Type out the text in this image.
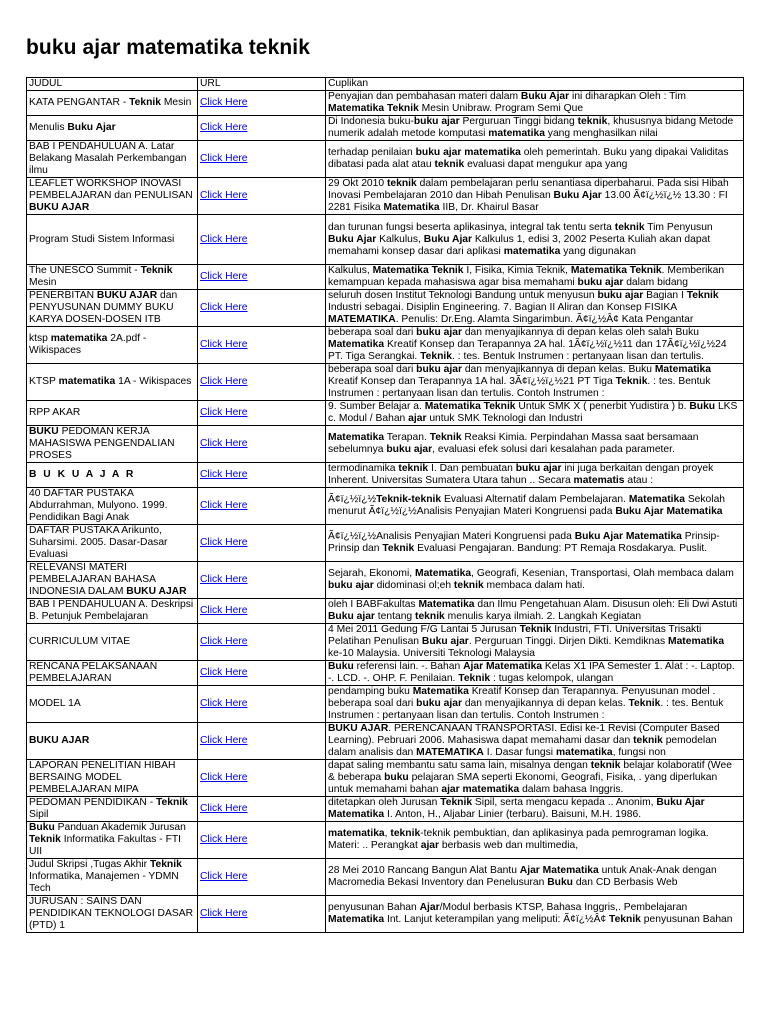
buku ajar matematika teknik
JUDUL	URL	Cuplikan
KATA PENGANTAR - Teknik Mesin	Click Here	Penyajian dan pembahasan materi dalam Buku Ajar ini diharapkan Oleh : Tim Matematika Teknik Mesin Unibraw. Program Semi Que
Menulis Buku Ajar	Click Here	Di Indonesia buku-buku ajar Perguruan Tinggi bidang teknik, khususnya bidang Metode numerik adalah metode komputasi matematika yang menghasilkan nilai
BAB I PENDAHULUAN A. Latar Belakang Masalah Perkembangan ilmu	Click Here	terhadap penilaian buku ajar matematika oleh pemerintah. Buku yang dipakai Validitas dibatasi pada alat atau teknik evaluasi dapat mengukur apa yang
LEAFLET WORKSHOP INOVASI PEMBELAJARAN dan PENULISAN BUKU AJAR	Click Here	29 Okt 2010 teknik dalam pembelajaran perlu senantiasa diperbaharui. Pada sisi Hibah Inovasi Pembelajaran 2010 dan Hibah Penulisan Buku Ajar 13.00 Ã¢ï¿½ï¿½ 13.30 : FI 2281 Fisika Matematika IIB, Dr. Khairul Basar
Program Studi Sistem Informasi	Click Here	dan turunan fungsi beserta aplikasinya, integral tak tentu serta teknik Tim Penyusun Buku Ajar Kalkulus, Buku Ajar Kalkulus 1, edisi 3, 2002 Peserta Kuliah akan dapat memahami konsep dasar dari aplikasi matematika yang digunakan
The UNESCO Summit - Teknik Mesin	Click Here	Kalkulus, Matematika Teknik I, Fisika, Kimia Teknik, Matematika Teknik. Memberikan kemampuan kepada mahasiswa agar bisa memahami buku ajar dalam bidang
PENERBITAN BUKU AJAR dan PENYUSUNAN DUMMY BUKU KARYA DOSEN-DOSEN ITB	Click Here	seluruh dosen Institut Teknologi Bandung untuk menyusun buku ajar Bagian I Teknik Industri sebagai. Disiplin Engineering. 7. Bagian II Aliran dan Konsep FISIKA MATEMATIKA. Penulis: Dr.Eng. Alamta Singarimbun. Ã¢ï¿½Â¢ Kata Pengantar
ktsp matematika 2A.pdf - Wikispaces	Click Here	beberapa soal dari buku ajar dan menyajikannya di depan kelas oleh salah Buku Matematika Kreatif Konsep dan Terapannya 2A hal. 1Ã¢ï¿½ï¿½11 dan 17Ã¢ï¿½ï¿½24 PT. Tiga Serangkai. Teknik. : tes. Bentuk Instrumen : pertanyaan lisan dan tertulis.
KTSP matematika 1A - Wikispaces	Click Here	beberapa soal dari buku ajar dan menyajikannya di depan kelas. Buku Matematika Kreatif Konsep dan Terapannya 1A hal. 3Ã¢ï¿½ï¿½21 PT Tiga Teknik. : tes. Bentuk Instrumen : pertanyaan lisan dan tertulis. Contoh Instrumen :
RPP AKAR	Click Here	9. Sumber Belajar a. Matematika Teknik Untuk SMK X ( penerbit Yudistira ) b. Buku LKS c. Modul / Bahan ajar untuk SMK Teknologi dan Industri
BUKU PEDOMAN KERJA MAHASISWA PENGENDALIAN PROSES	Click Here	Matematika Terapan. Teknik Reaksi Kimia. Perpindahan Massa saat bersamaan sebelumnya buku ajar, evaluasi efek solusi dari kesalahan pada parameter.
B U K U A J A R	Click Here	termodinamika teknik I. Dan pembuatan buku ajar ini juga berkaitan dengan proyek Inherent. Universitas Sumatera Utara tahun .. Secara matematis atau :
40 DAFTAR PUSTAKA Abdurrahman, Mulyono. 1999. Pendidikan Bagi Anak	Click Here	Ã¢ï¿½ï¿½Teknik-teknik Evaluasi Alternatif dalam Pembelajaran. Matematika Sekolah menurut Ã¢ï¿½ï¿½Analisis Penyajian Materi Kongruensi pada Buku Ajar Matematika
DAFTAR PUSTAKA Arikunto, Suharsimi. 2005. Dasar-Dasar Evaluasi	Click Here	Ã¢ï¿½ï¿½Analisis Penyajian Materi Kongruensi pada Buku Ajar Matematika Prinsip-Prinsip dan Teknik Evaluasi Pengajaran. Bandung: PT Remaja Rosdakarya. Puslit.
RELEVANSI MATERI PEMBELAJARAN BAHASA INDONESIA DALAM BUKU AJAR	Click Here	Sejarah, Ekonomi, Matematika, Geografi, Kesenian, Transportasi, Olah membaca dalam buku ajar didominasi ol;eh teknik membaca dalam hati.
BAB I PENDAHULUAN A. Deskripsi B. Petunjuk Pembelajaran	Click Here	oleh I BABFakultas Matematika dan Ilmu Pengetahuan Alam. Disusun oleh: Eli Dwi Astuti Buku ajar tentang teknik menulis karya ilmiah. 2. Langkah Kegiatan
CURRICULUM VITAE	Click Here	4 Mei 2011 Gedung F/G Lantai 5 Jurusan Teknik Industri, FTI. Universitas Trisakti Pelatihan Penulisan Buku ajar. Perguruan Tinggi. Dirjen Dikti. Kemdiknas Matematika ke-10 Malaysia. Universiti Teknologi Malaysia
RENCANA PELAKSANAAN PEMBELAJARAN	Click Here	Buku referensi lain. -. Bahan Ajar Matematika Kelas X1 IPA Semester 1. Alat : -. Laptop. -. LCD. -. OHP. F. Penilaian. Teknik : tugas kelompok, ulangan
MODEL 1A	Click Here	pendamping buku Matematika Kreatif Konsep dan Terapannya. Penyusunan model . beberapa soal dari buku ajar dan menyajikannya di depan kelas. Teknik. : tes. Bentuk Instrumen : pertanyaan lisan dan tertulis. Contoh Instrumen :
BUKU AJAR	Click Here	BUKU AJAR. PERENCANAAN TRANSPORTASI. Edisi ke-1 Revisi (Computer Based Learning). Pebruari 2006. Mahasiswa dapat memahami dasar dan teknik pemodelan dalam analisis dan MATEMATIKA I. Dasar fungsi matematika, fungsi non
LAPORAN PENELITIAN HIBAH BERSAING MODEL PEMBELAJARAN MIPA	Click Here	dapat saling membantu satu sama lain, misalnya dengan teknik belajar kolaboratif (Wee & beberapa buku pelajaran SMA seperti Ekonomi, Geografi, Fisika, . yang diperlukan untuk memahami bahan ajar matematika dalam bahasa Inggris.
PEDOMAN PENDIDIKAN - Teknik Sipil	Click Here	ditetapkan oleh Jurusan Teknik Sipil, serta mengacu kepada .. Anonim, Buku Ajar Matematika I. Anton, H., Aljabar Linier (terbaru). Baisuni, M.H. 1986.
Buku Panduan Akademik Jurusan Teknik Informatika Fakultas - FTI UII	Click Here	matematika, teknik-teknik pembuktian, dan aplikasinya pada pemrograman logika. Materi: .. Perangkat ajar berbasis web dan multimedia,
Judul Skripsi ,Tugas Akhir Teknik Informatika, Manajemen - YDMN Tech	Click Here	28 Mei 2010 Rancang Bangun Alat Bantu Ajar Matematika untuk Anak-Anak dengan Macromedia Bekasi Inventory dan Penelusuran Buku dan CD Berbasis Web
JURUSAN : SAINS DAN PENDIDIKAN TEKNOLOGI DASAR (PTD) 1	Click Here	penyusunan Bahan Ajar/Modul berbasis KTSP, Bahasa Inggris,. Pembelajaran Matematika Int. Lanjut keterampilan yang meliputi: Ã¢ï¿½Â¢ Teknik penyusunan Bahan
